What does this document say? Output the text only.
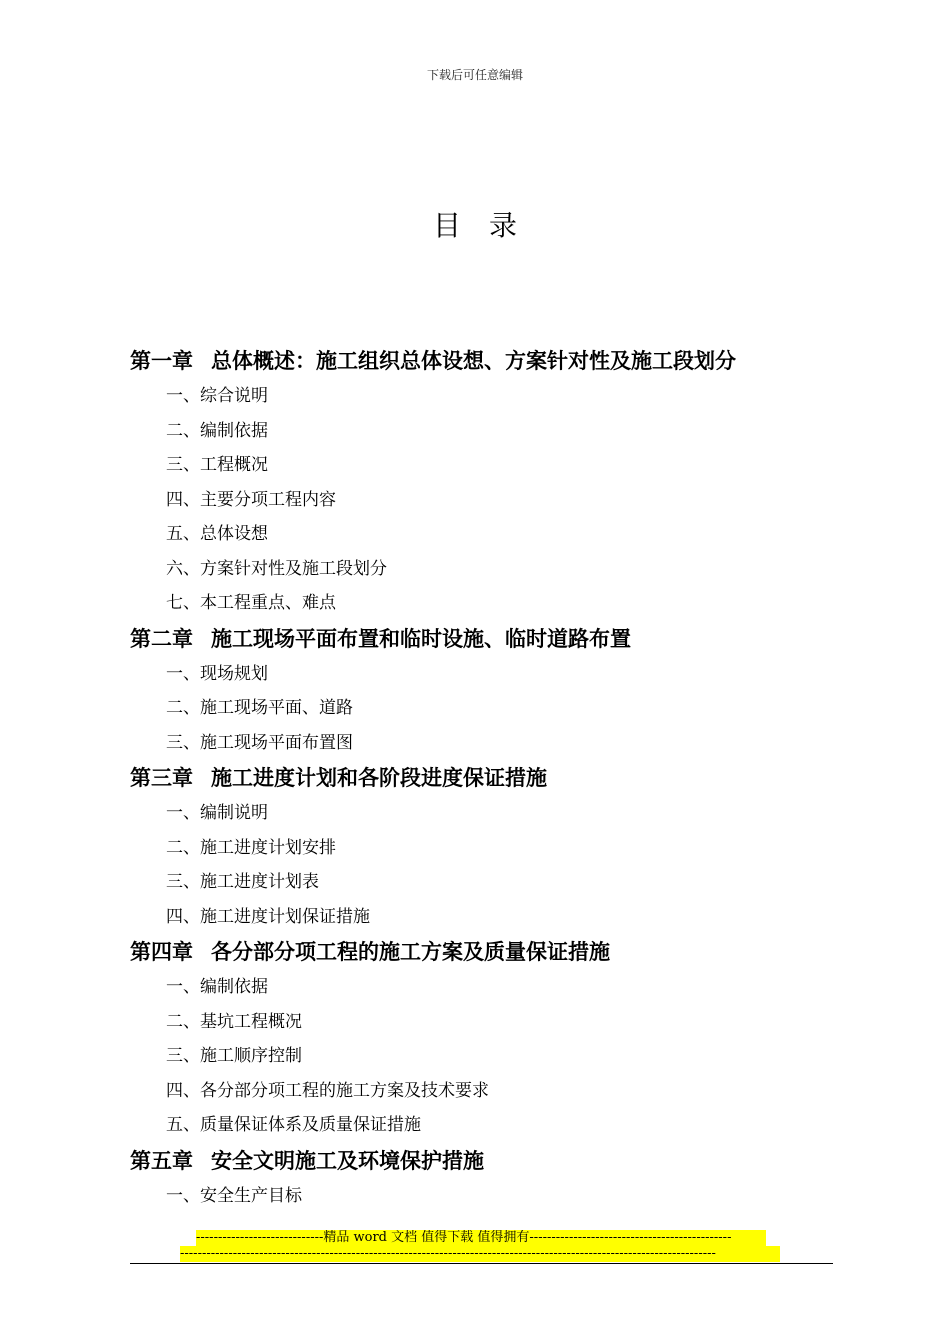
下载后可任意编辑
目录
第一章 总体概述：施工组织总体设想、方案针对性及施工段划分
一、综合说明
二、编制依据
三、工程概况
四、主要分项工程内容
五、总体设想
六、方案针对性及施工段划分
七、本工程重点、难点
第二章 施工现场平面布置和临时设施、临时道路布置
一、现场规划
二、施工现场平面、道路
三、施工现场平面布置图
第三章 施工进度计划和各阶段进度保证措施
一、编制说明
二、施工进度计划安排
三、施工进度计划表
四、施工进度计划保证措施
第四章 各分部分项工程的施工方案及质量保证措施
一、编制依据
二、基坑工程概况
三、施工顺序控制
四、各分部分项工程的施工方案及技术要求
五、质量保证体系及质量保证措施
第五章 安全文明施工及环境保护措施
一、安全生产目标
-----------------------------精品 word 文档 值得下载 值得拥有----------------------------------------------
--------------------------------------------------------------------------------------------------------------------------
